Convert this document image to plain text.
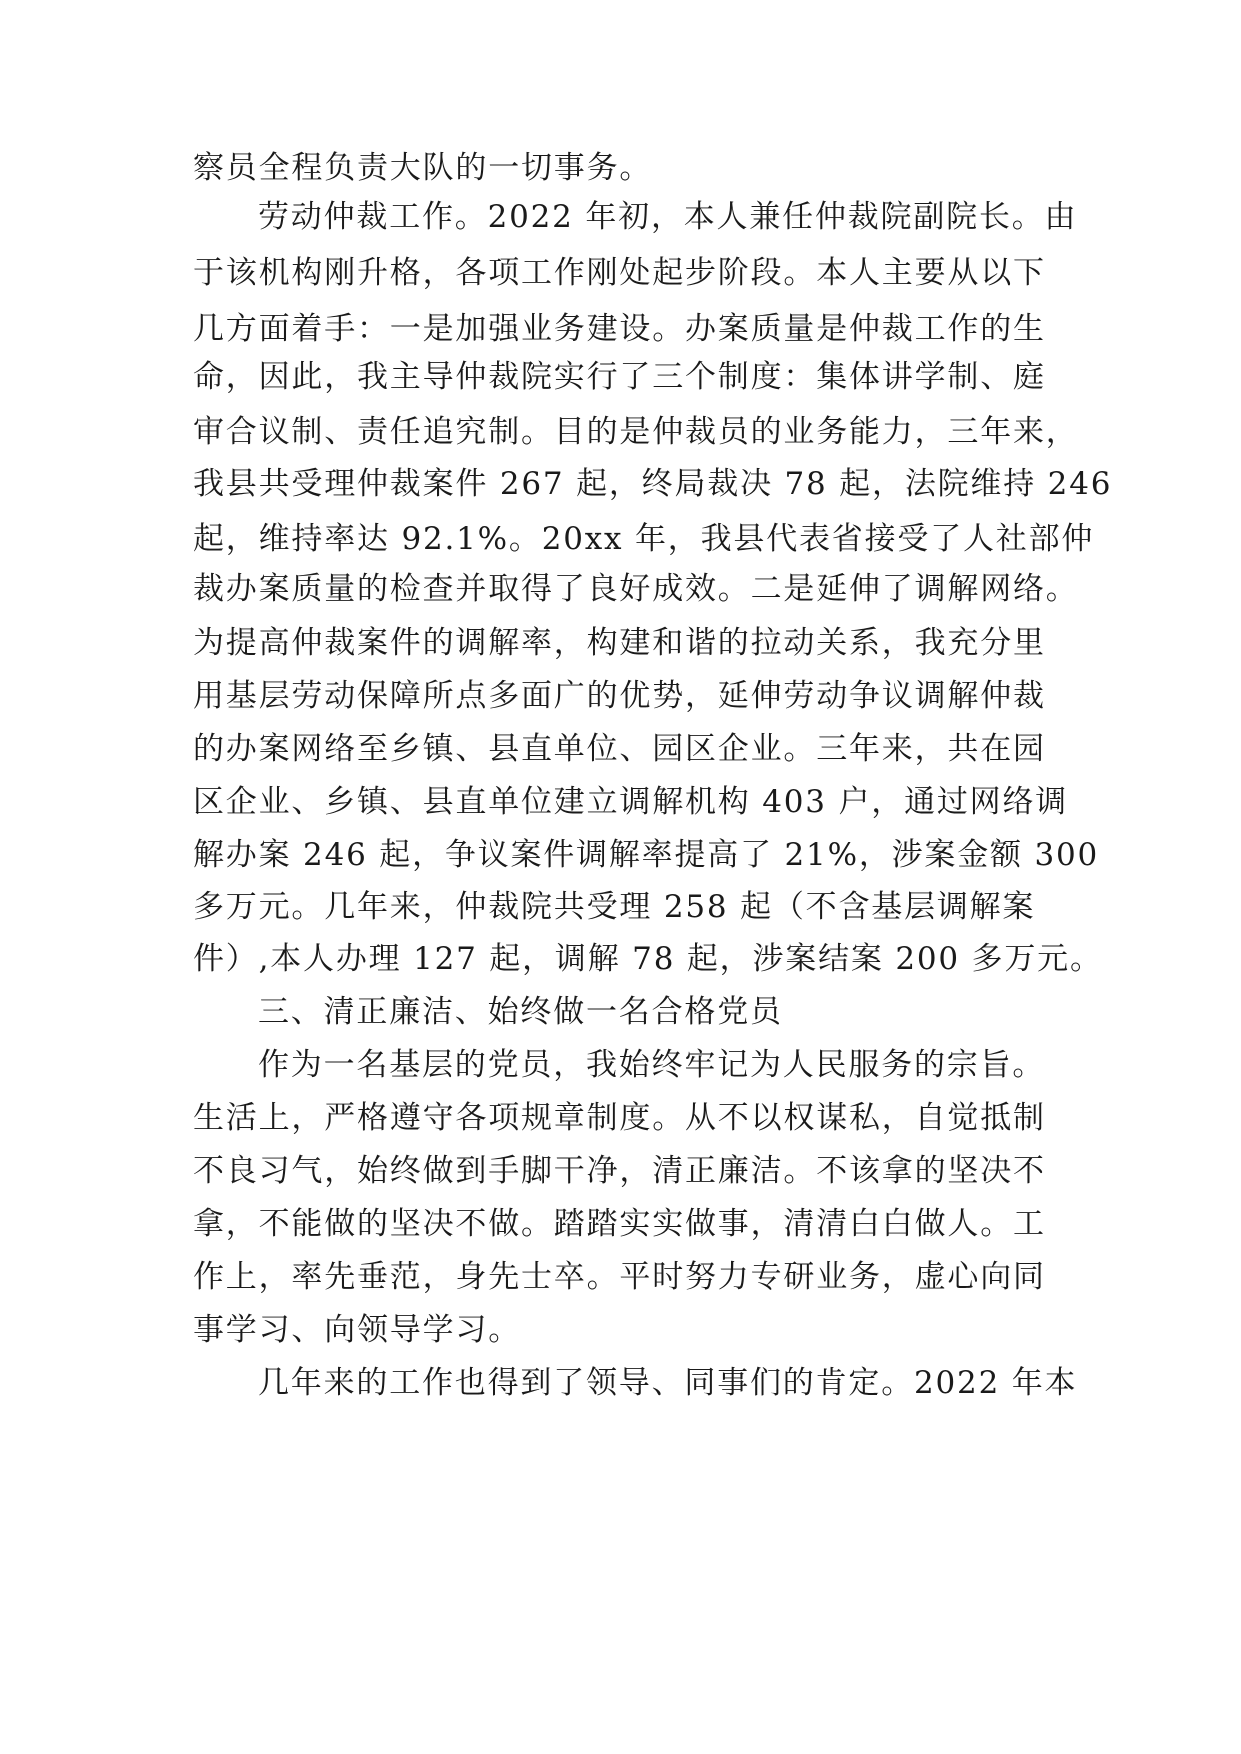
察员全程负责大队的一切事务。
劳动仲裁工作。2022 年初，本人兼任仲裁院副院长。由
于该机构刚升格，各项工作刚处起步阶段。本人主要从以下
几方面着手：一是加强业务建设。办案质量是仲裁工作的生
命，因此，我主导仲裁院实行了三个制度：集体讲学制、庭
审合议制、责任追究制。目的是仲裁员的业务能力，三年来，
我县共受理仲裁案件 267 起，终局裁决 78 起，法院维持 246
起，维持率达 92.1%。20xx 年，我县代表省接受了人社部仲
裁办案质量的检查并取得了良好成效。二是延伸了调解网络。
为提高仲裁案件的调解率，构建和谐的拉动关系，我充分里
用基层劳动保障所点多面广的优势，延伸劳动争议调解仲裁
的办案网络至乡镇、县直单位、园区企业。三年来，共在园
区企业、乡镇、县直单位建立调解机构 403 户，通过网络调
解办案 246 起，争议案件调解率提高了 21%，涉案金额 300
多万元。几年来，仲裁院共受理 258 起（不含基层调解案
件）,本人办理 127 起，调解 78 起，涉案结案 200 多万元。
三、清正廉洁、始终做一名合格党员
作为一名基层的党员，我始终牢记为人民服务的宗旨。
生活上，严格遵守各项规章制度。从不以权谋私，自觉抵制
不良习气，始终做到手脚干净，清正廉洁。不该拿的坚决不
拿，不能做的坚决不做。踏踏实实做事，清清白白做人。工
作上，率先垂范，身先士卒。平时努力专研业务，虚心向同
事学习、向领导学习。
几年来的工作也得到了领导、同事们的肯定。2022 年本
